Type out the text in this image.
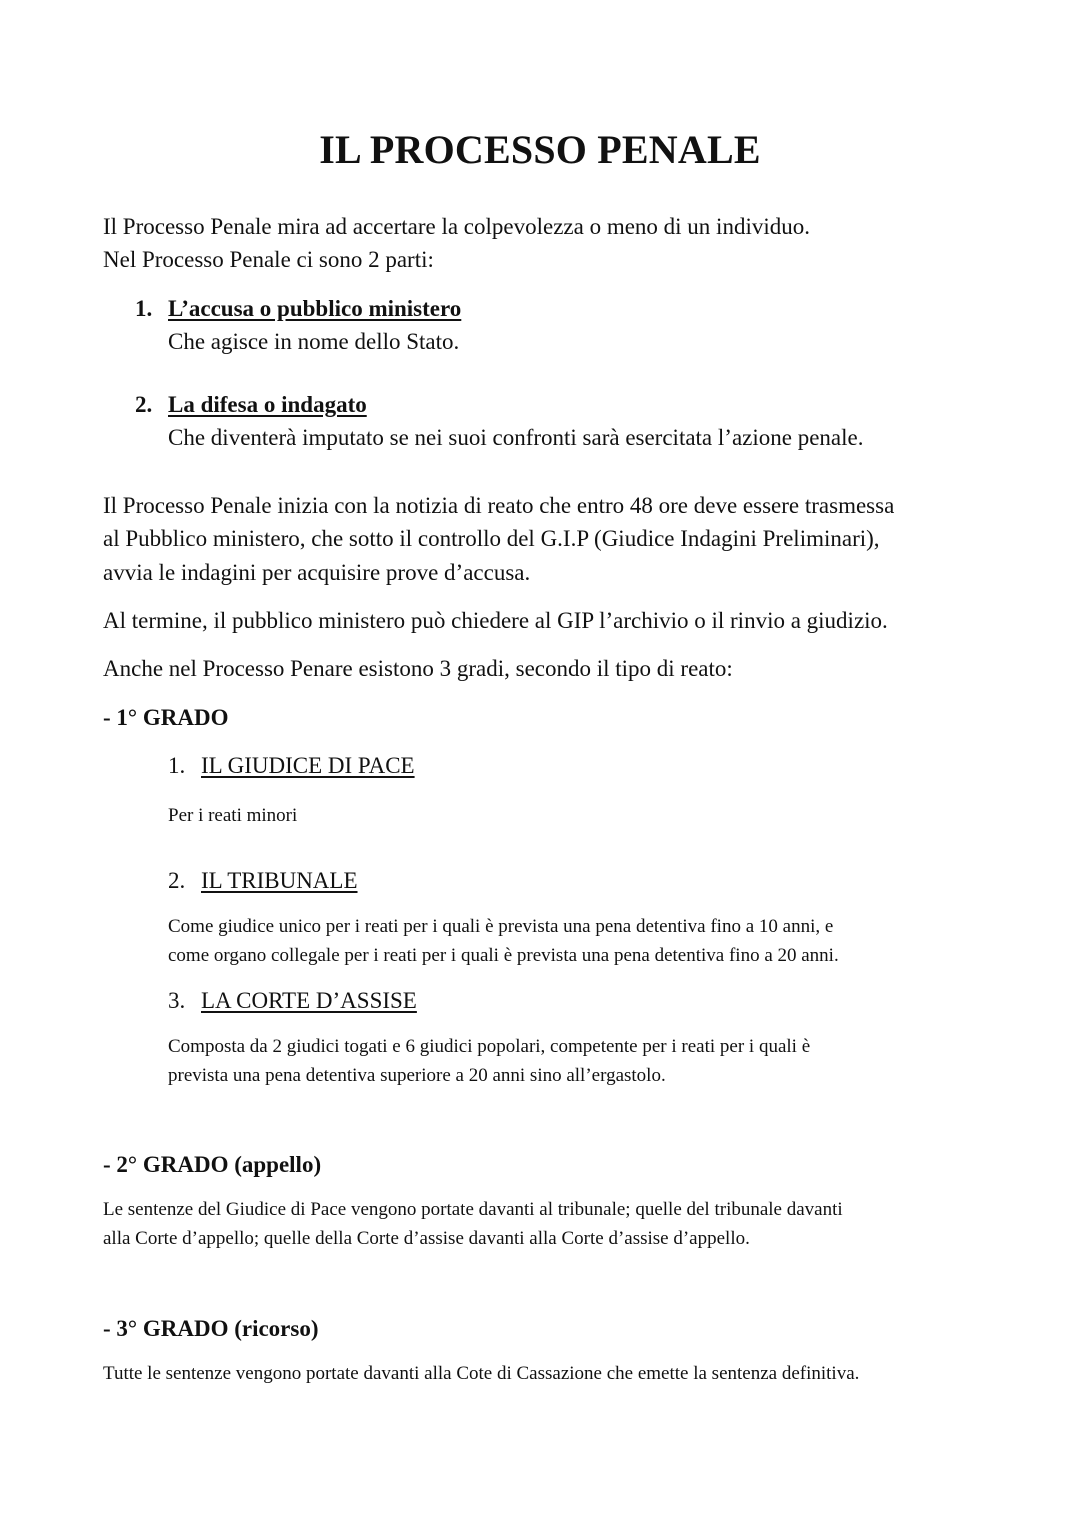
IL PROCESSO PENALE
Il Processo Penale mira ad accertare la colpevolezza o meno di un individuo.
Nel Processo Penale ci sono 2 parti:
1. L’accusa o pubblico ministero
Che agisce in nome dello Stato.
2. La difesa o indagato
Che diventerà imputato se nei suoi confronti sarà esercitata l’azione penale.
Il Processo Penale inizia con la notizia di reato che entro 48 ore deve essere trasmessa
al Pubblico ministero, che sotto il controllo del G.I.P (Giudice Indagini Preliminari),
avvia le indagini per acquisire prove d’accusa.
Al termine, il pubblico ministero può chiedere al GIP l’archivio o il rinvio a giudizio.
Anche nel Processo Penare esistono 3 gradi, secondo il tipo di reato:
- 1° GRADO
1. IL GIUDICE DI PACE
Per i reati minori
2. IL TRIBUNALE
Come giudice unico per i reati per i quali è prevista una pena detentiva fino a 10 anni, e
come organo collegale per i reati per i quali è prevista una pena detentiva fino a 20 anni.
3. LA CORTE D’ASSISE
Composta da 2 giudici togati e 6 giudici popolari, competente per i reati per i quali è
prevista una pena detentiva superiore a 20 anni sino all’ergastolo.
- 2° GRADO (appello)
Le sentenze del Giudice di Pace vengono portate davanti al tribunale; quelle del tribunale davanti
alla Corte d’appello; quelle della Corte d’assise davanti alla Corte d’assise d’appello.
- 3° GRADO (ricorso)
Tutte le sentenze vengono portate davanti alla Cote di Cassazione che emette la sentenza definitiva.
